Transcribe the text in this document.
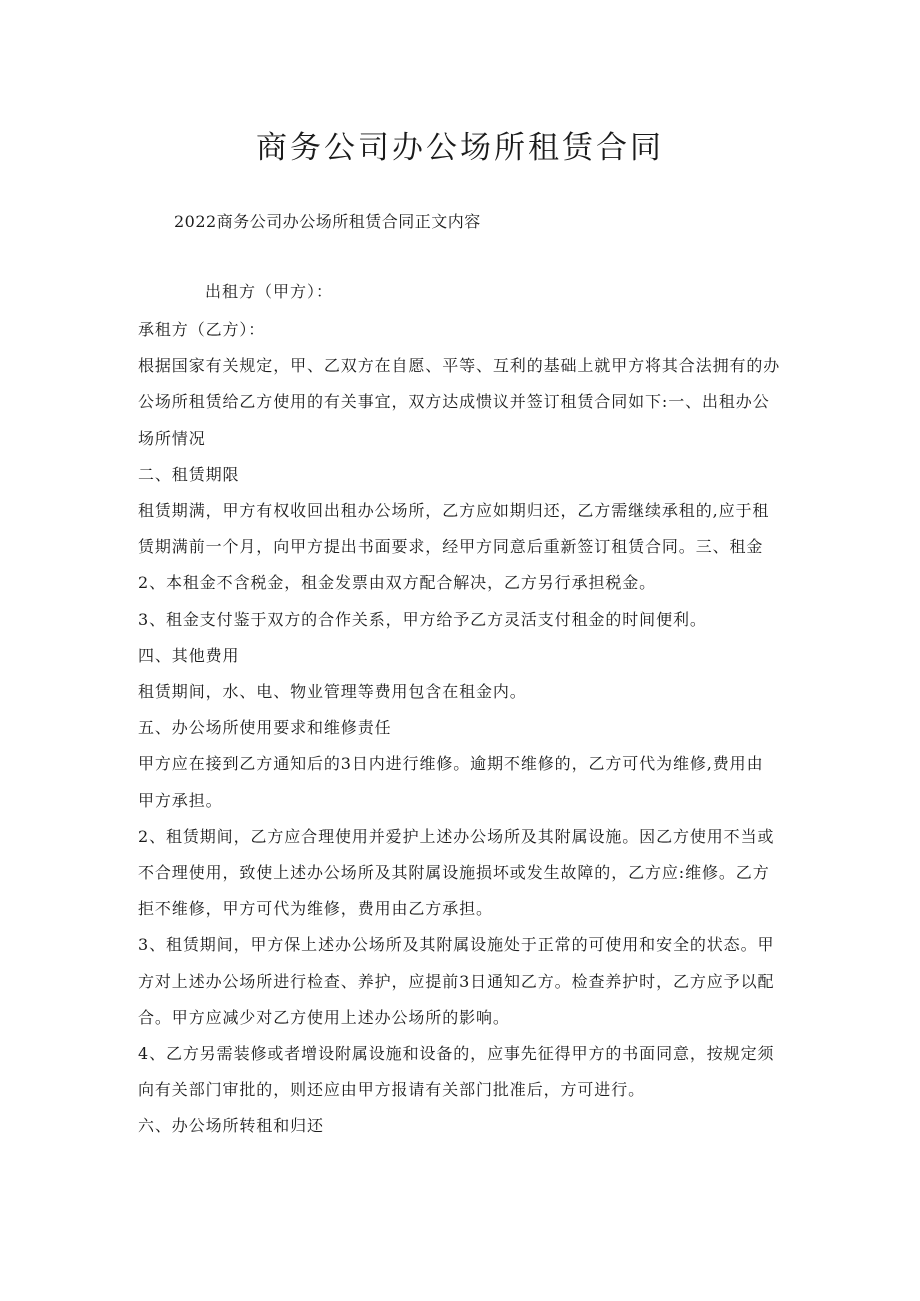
商务公司办公场所租赁合同
2022商务公司办公场所租赁合同正文内容
出租方（甲方）：

承租方（乙方）：

根据国家有关规定，甲、乙双方在自愿、平等、互利的基础上就甲方将其合法拥有的办

公场所租赁给乙方使用的有关事宜，双方达成愦议并签订租赁合同如下:一、出租办公

场所情况

二、租赁期限

租赁期满，甲方有权收回出租办公场所，乙方应如期归还，乙方需继续承租的,应于租

赁期满前一个月，向甲方提出书面要求，经甲方同意后重新签订租赁合同。三、租金

2、本租金不含税金，租金发票由双方配合解决，乙方另行承担税金。

3、租金支付鉴于双方的合作关系，甲方给予乙方灵活支付租金的时间便利。

四、其他费用

租赁期间，水、电、物业管理等费用包含在租金内。

五、办公场所使用要求和维修责任

甲方应在接到乙方通知后的3日内进行维修。逾期不维修的，乙方可代为维修,费用由

甲方承担。

2、租赁期间，乙方应合理使用并爱护上述办公场所及其附属设施。因乙方使用不当或

不合理使用，致使上述办公场所及其附属设施损坏或发生故障的，乙方应:维修。乙方

拒不维修，甲方可代为维修，费用由乙方承担。

3、租赁期间，甲方保上述办公场所及其附属设施处于正常的可使用和安全的状态。甲

方对上述办公场所进行检查、养护，应提前3日通知乙方。检查养护时，乙方应予以配

合。甲方应减少对乙方使用上述办公场所的影响。

4、乙方另需装修或者增设附属设施和设备的，应事先征得甲方的书面同意，按规定须

向有关部门审批的，则还应由甲方报请有关部门批准后，方可进行。

六、办公场所转租和归还
